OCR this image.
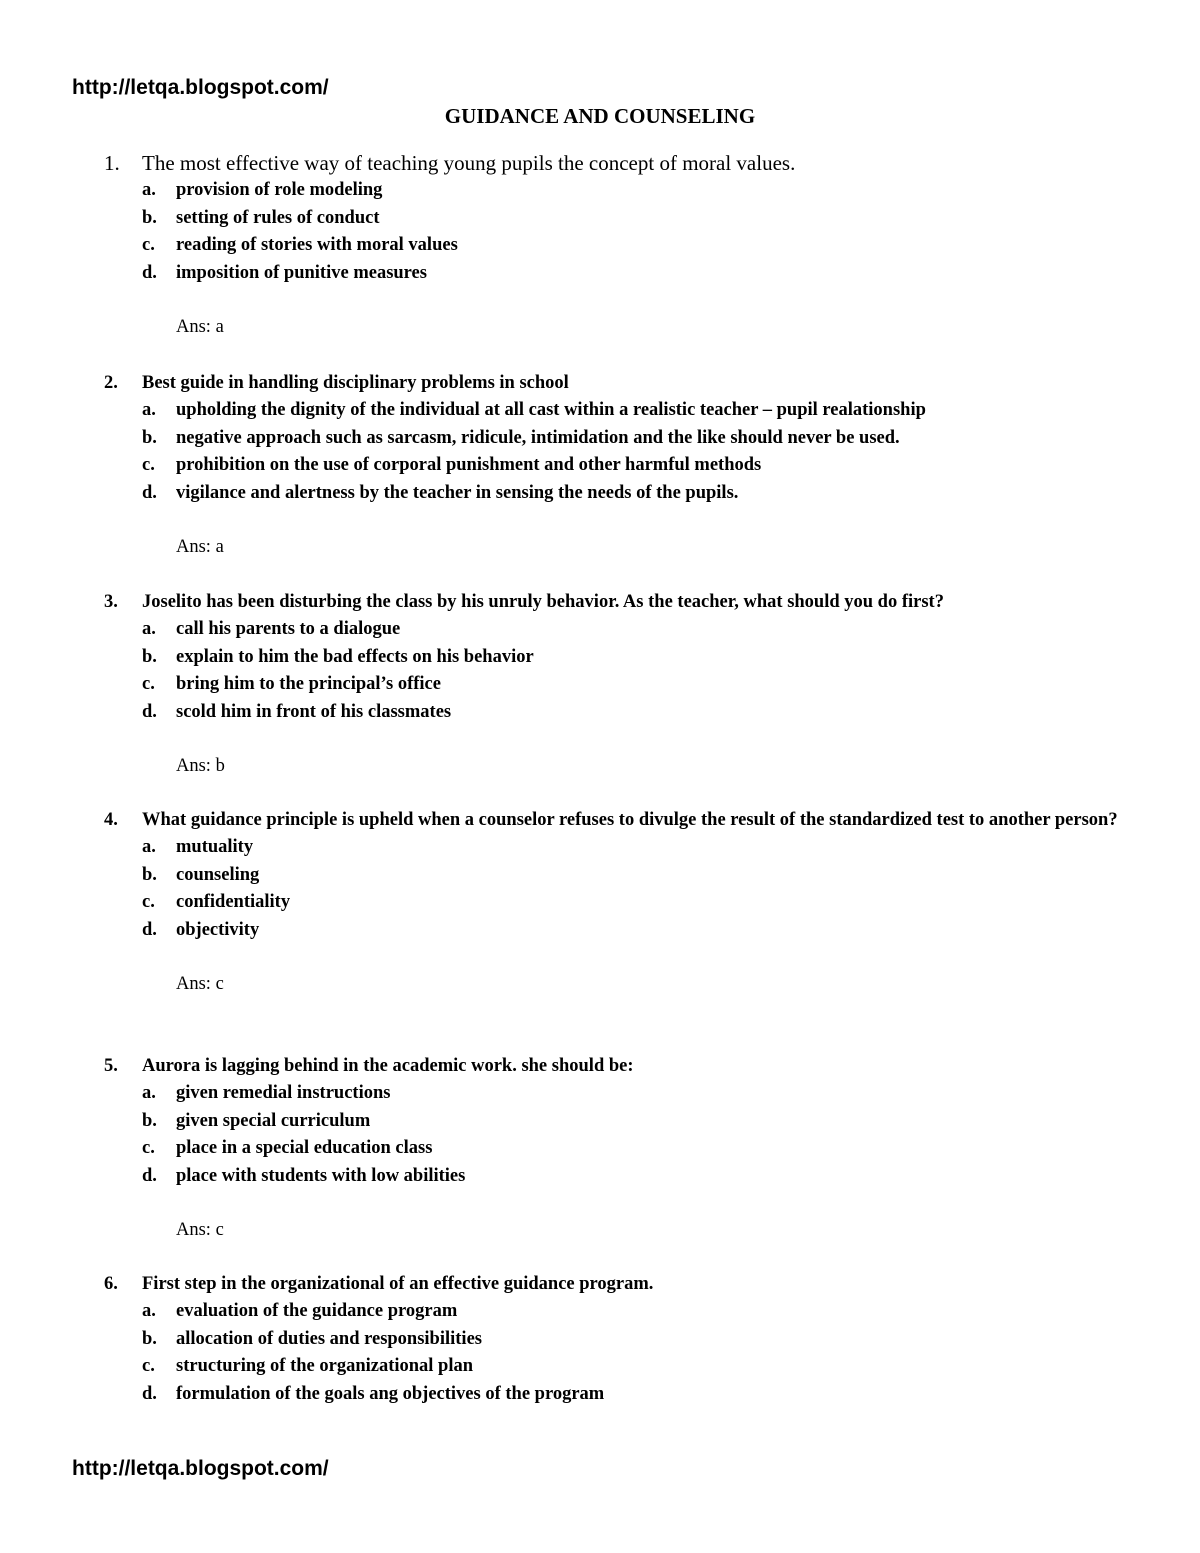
http://letqa.blogspot.com/
GUIDANCE AND COUNSELING
1.	The most effective way of teaching young pupils the concept of moral values.
a.	provision of role modeling
b.	setting of rules of conduct
c.	reading of stories with moral values
d.	imposition of punitive measures
Ans: a
2.	Best guide in handling disciplinary problems in school
a.	upholding the dignity of the individual at all cast within a realistic teacher – pupil realationship
b.	negative approach such as sarcasm, ridicule, intimidation and the like should never be used.
c.	prohibition on the use of corporal punishment and other harmful methods
d.	vigilance and alertness by the teacher in sensing the needs of the pupils.
Ans: a
3.	Joselito has been disturbing the class by his unruly behavior. As the teacher, what should you do first?
a.	call his parents to a dialogue
b.	explain to him the bad effects on his behavior
c.	bring him to the principal’s office
d.	scold him in front of his classmates
Ans: b
4.	What guidance principle is upheld when a counselor refuses to divulge the result of the standardized test to another person?
a.	mutuality
b.	counseling
c.	confidentiality
d.	objectivity
Ans: c
5.	Aurora is lagging behind in the academic work. she should be:
a.	given remedial instructions
b.	given special curriculum
c.	place in a special education class
d.	place with students with low abilities
Ans: c
6.	First step in the organizational of an effective guidance program.
a.	evaluation of the guidance program
b.	allocation of duties and responsibilities
c.	structuring of the organizational plan
d.	formulation of the goals ang objectives of the program
http://letqa.blogspot.com/
